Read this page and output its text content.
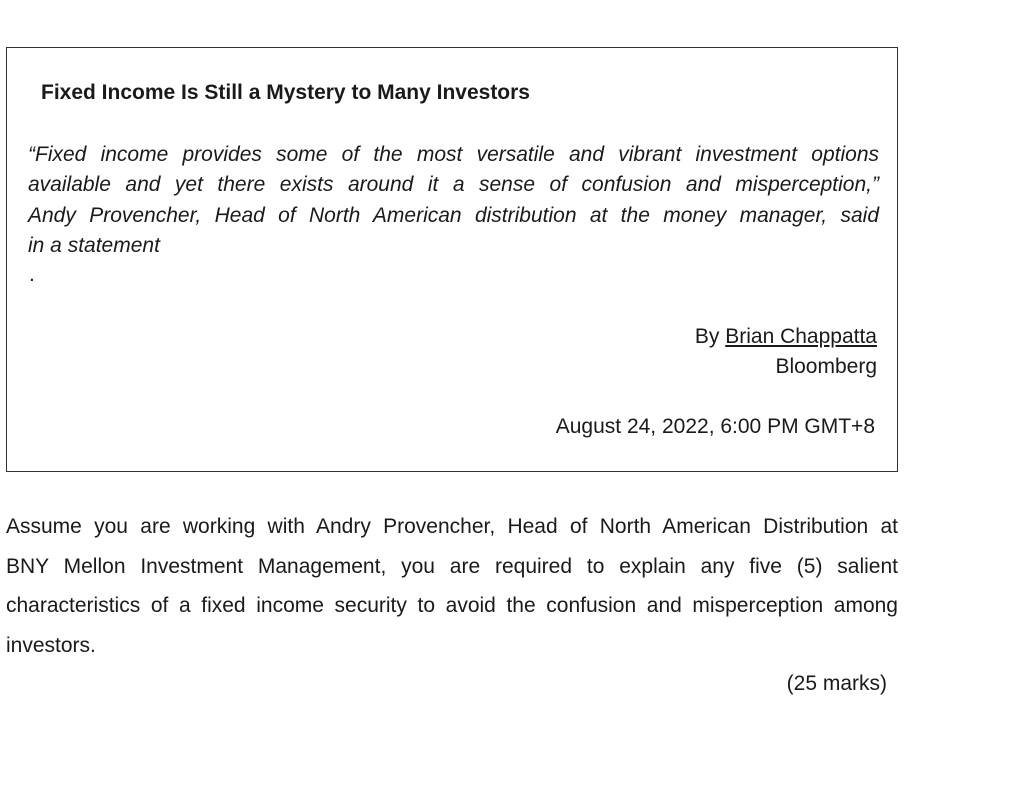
Fixed Income Is Still a Mystery to Many Investors

“Fixed income provides some of the most versatile and vibrant investment options
available and yet there exists around it a sense of confusion and misperception,”
Andy Provencher, Head of North American distribution at the money manager, said
in a statement

.
By Brian Chappatta
Bloomberg
August 24, 2022, 6:00 PM GMT+8

Assume you are working with Andry Provencher, Head of North American Distribution at
BNY Mellon Investment Management, you are required to explain any five (5) salient
characteristics of a fixed income security to avoid the confusion and misperception among
investors.

(25 marks)
